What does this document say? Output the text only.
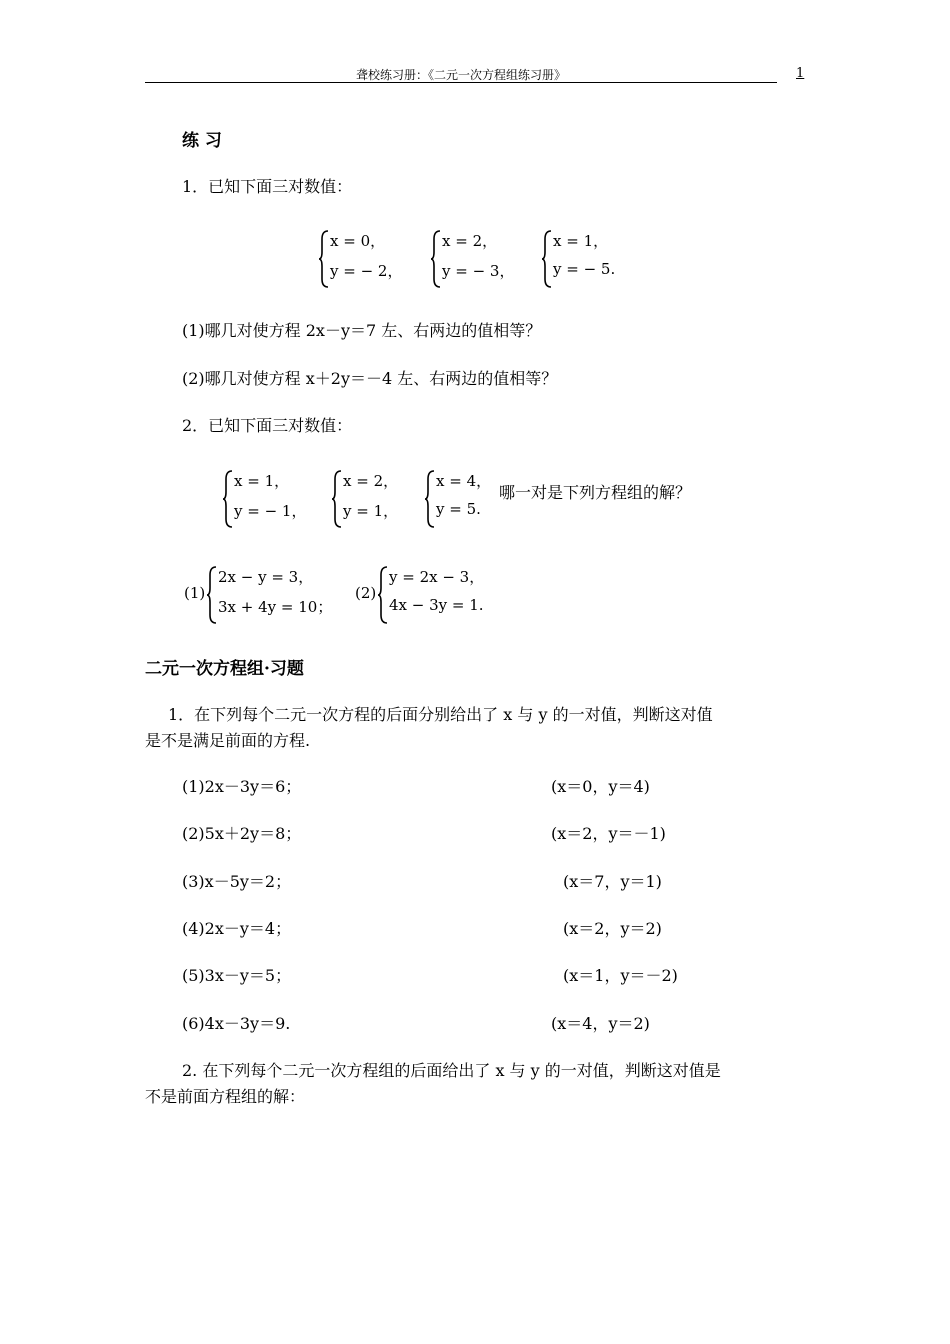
聋校练习册：《二元一次方程组练习册》	1
练 习
1．已知下面三对数值：
x = 0，
y = − 2，
x = 2，
y = − 3，
x = 1，
y = − 5.
(1)哪几对使方程 2x－y＝7 左、右两边的值相等？
(2)哪几对使方程 x＋2y＝－4 左、右两边的值相等？
2．已知下面三对数值：
x = 1，
y = − 1，
x = 2，
y = 1，
x = 4，
y = 5.
哪一对是下列方程组的解？
(1)
2x − y = 3，
3x + 4y = 10；
(2)
y = 2x − 3，
4x − 3y = 1.
二元一次方程组·习题
1．在下列每个二元一次方程的后面分别给出了 x 与 y 的一对值，判断这对值
是不是满足前面的方程.
(1)2x－3y＝6；	(x＝0，y＝4)
(2)5x＋2y＝8；	(x＝2，y＝－1)
(3)x－5y＝2；	(x＝7，y＝1)
(4)2x－y＝4；	(x＝2，y＝2)
(5)3x－y＝5；	(x＝1，y＝－2)
(6)4x－3y＝9.	(x＝4，y＝2)
2. 在下列每个二元一次方程组的后面给出了 x 与 y 的一对值，判断这对值是
不是前面方程组的解：
